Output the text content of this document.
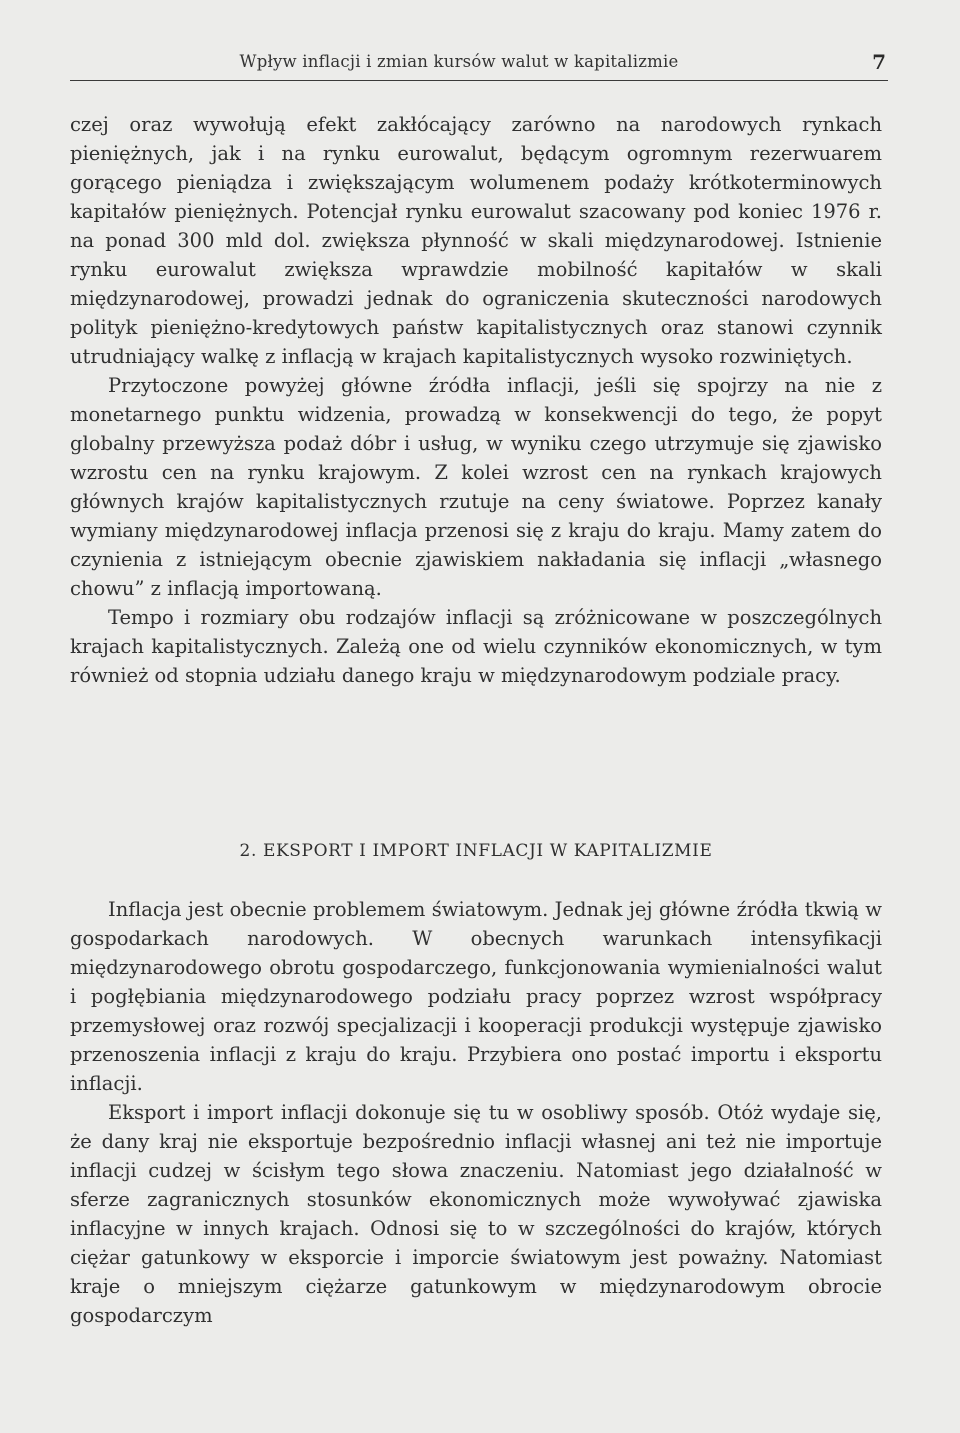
Wpływ inflacji i zmian kursów walut w kapitalizmie	7

czej oraz wywołują efekt zakłócający zarówno na narodowych rynkach pieniężnych, jak i na rynku eurowalut, będącym ogromnym rezerwuarem gorącego pieniądza i zwiększającym wolumenem podaży krótkoterminowych kapitałów pieniężnych. Potencjał rynku eurowalut szacowany pod koniec 1976 r. na ponad 300 mld dol. zwiększa płynność w skali międzynarodowej. Istnienie rynku eurowalut zwiększa wprawdzie mobilność kapitałów w skali międzynarodowej, prowadzi jednak do ograniczenia skuteczności narodowych polityk pieniężno-kredytowych państw kapitalistycznych oraz stanowi czynnik utrudniający walkę z inflacją w krajach kapitalistycznych wysoko rozwiniętych.

Przytoczone powyżej główne źródła inflacji, jeśli się spojrzy na nie z monetarnego punktu widzenia, prowadzą w konsekwencji do tego, że popyt globalny przewyższa podaż dóbr i usług, w wyniku czego utrzymuje się zjawisko wzrostu cen na rynku krajowym. Z kolei wzrost cen na rynkach krajowych głównych krajów kapitalistycznych rzutuje na ceny światowe. Poprzez kanały wymiany międzynarodowej inflacja przenosi się z kraju do kraju. Mamy zatem do czynienia z istniejącym obecnie zjawiskiem nakładania się inflacji „własnego chowu” z inflacją importowaną.

Tempo i rozmiary obu rodzajów inflacji są zróżnicowane w poszczególnych krajach kapitalistycznych. Zależą one od wielu czynników ekonomicznych, w tym również od stopnia udziału danego kraju w międzynarodowym podziale pracy.

2. EKSPORT I IMPORT INFLACJI W KAPITALIZMIE

Inflacja jest obecnie problemem światowym. Jednak jej główne źródła tkwią w gospodarkach narodowych. W obecnych warunkach intensyfikacji międzynarodowego obrotu gospodarczego, funkcjonowania wymienialności walut i pogłębiania międzynarodowego podziału pracy poprzez wzrost współpracy przemysłowej oraz rozwój specjalizacji i kooperacji produkcji występuje zjawisko przenoszenia inflacji z kraju do kraju. Przybiera ono postać importu i eksportu inflacji.

Eksport i import inflacji dokonuje się tu w osobliwy sposób. Otóż wydaje się, że dany kraj nie eksportuje bezpośrednio inflacji własnej ani też nie importuje inflacji cudzej w ścisłym tego słowa znaczeniu. Natomiast jego działalność w sferze zagranicznych stosunków ekonomicznych może wywoływać zjawiska inflacyjne w innych krajach. Odnosi się to w szczególności do krajów, których ciężar gatunkowy w eksporcie i imporcie światowym jest poważny. Natomiast kraje o mniejszym ciężarze gatunkowym w międzynarodowym obrocie gospodarczym
